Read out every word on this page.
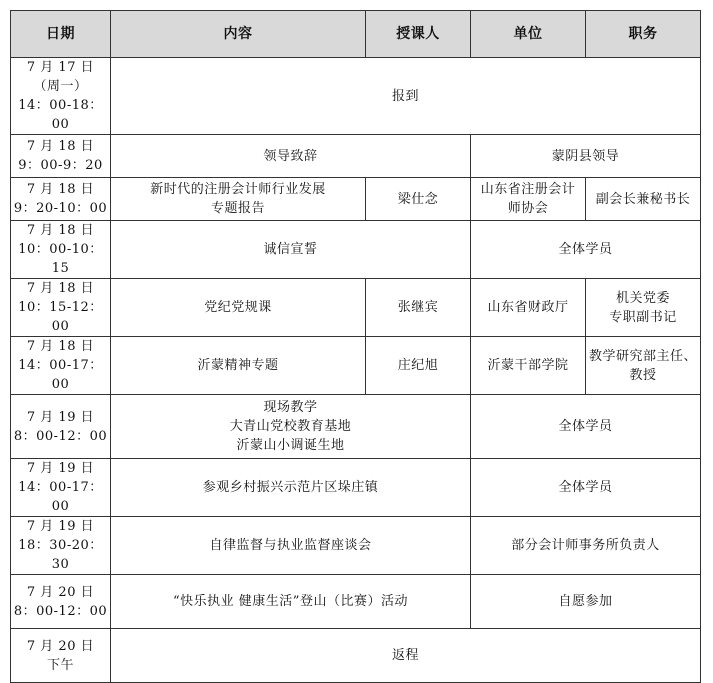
日期	内容	授课人	单位	职务
7 月 17 日
（周一）
14：00-18：00	报到			
7 月 18 日
9：00-9：20	领导致辞		蒙阴县领导	
7 月 18 日
9：20-10：00	新时代的注册会计师行业发展
专题报告	梁仕念	山东省注册会计
师协会	副会长兼秘书长
7 月 18 日
10：00-10：15	诚信宣誓		全体学员	
7 月 18 日
10：15-12：00	党纪党规课	张继宾	山东省财政厅	机关党委
专职副书记
7 月 18 日
14：00-17：00	沂蒙精神专题	庄纪旭	沂蒙干部学院	教学研究部主任、
教授
7 月 19 日
8：00-12：00	现场教学
大青山党校教育基地
沂蒙山小调诞生地		全体学员	
7 月 19 日
14：00-17：00	参观乡村振兴示范片区垛庄镇		全体学员	
7 月 19 日
18：30-20：30	自律监督与执业监督座谈会		部分会计师事务所负责人	
7 月 20 日
8：00-12：00	“快乐执业 健康生活”登山（比赛）活动		自愿参加	
7 月 20 日
下午	返程			
